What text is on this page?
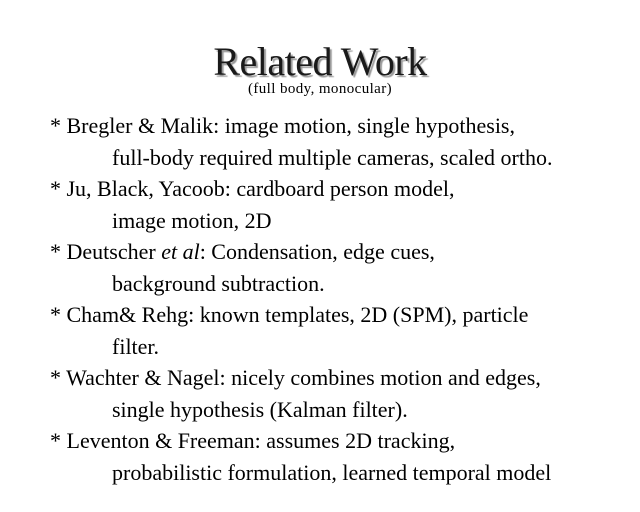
Related Work
(full body, monocular)
* Bregler & Malik: image motion, single hypothesis,
full-body required multiple cameras, scaled ortho.
* Ju, Black, Yacoob: cardboard person model,
image motion, 2D
* Deutscher et al: Condensation, edge cues,
background subtraction.
* Cham& Rehg: known templates, 2D (SPM), particle
filter.
* Wachter & Nagel: nicely combines motion and edges,
single hypothesis (Kalman filter).
* Leventon & Freeman: assumes 2D tracking,
probabilistic formulation, learned temporal model
